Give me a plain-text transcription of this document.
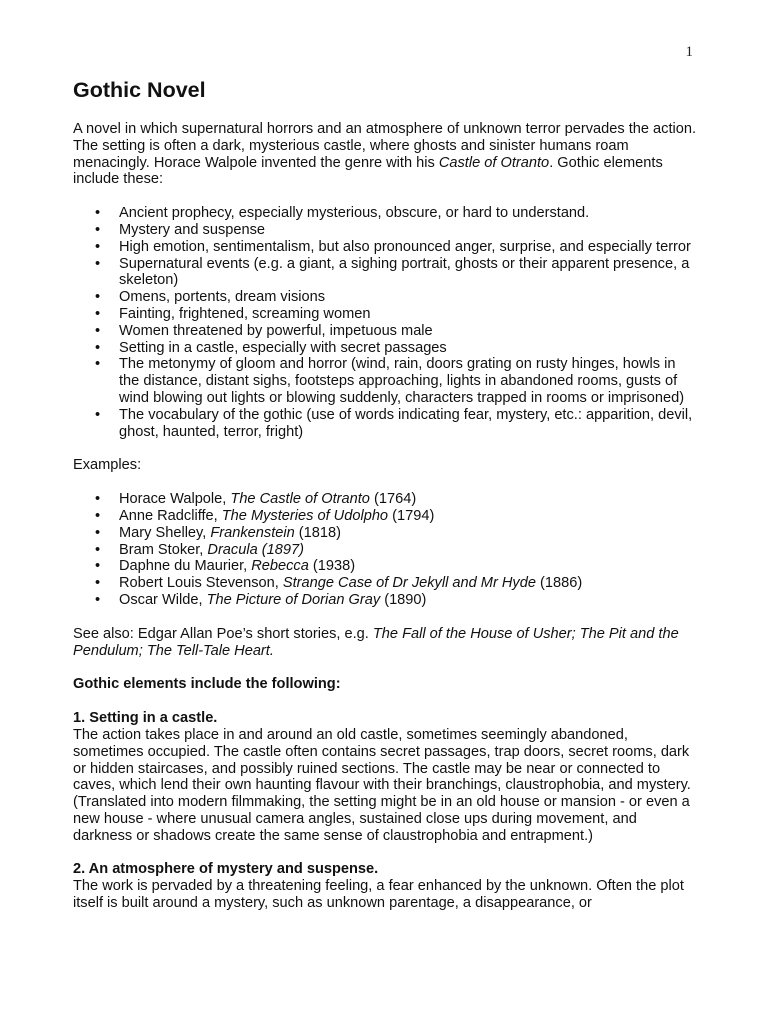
1
Gothic Novel

A novel in which supernatural horrors and an atmosphere of unknown terror pervades the action. The setting is often a dark, mysterious castle, where ghosts and sinister humans roam menacingly. Horace Walpole invented the genre with his Castle of Otranto. Gothic elements include these:

• Ancient prophecy, especially mysterious, obscure, or hard to understand.
• Mystery and suspense
• High emotion, sentimentalism, but also pronounced anger, surprise, and especially terror
• Supernatural events (e.g. a giant, a sighing portrait, ghosts or their apparent presence, a skeleton)
• Omens, portents, dream visions
• Fainting, frightened, screaming women
• Women threatened by powerful, impetuous male
• Setting in a castle, especially with secret passages
• The metonymy of gloom and horror (wind, rain, doors grating on rusty hinges, howls in the distance, distant sighs, footsteps approaching, lights in abandoned rooms, gusts of wind blowing out lights or blowing suddenly, characters trapped in rooms or imprisoned)
• The vocabulary of the gothic (use of words indicating fear, mystery, etc.: apparition, devil, ghost, haunted, terror, fright)

Examples:

• Horace Walpole, The Castle of Otranto (1764)
• Anne Radcliffe, The Mysteries of Udolpho (1794)
• Mary Shelley, Frankenstein (1818)
• Bram Stoker, Dracula (1897)
• Daphne du Maurier, Rebecca (1938)
• Robert Louis Stevenson, Strange Case of Dr Jekyll and Mr Hyde (1886)
• Oscar Wilde, The Picture of Dorian Gray (1890)

See also: Edgar Allan Poe’s short stories, e.g. The Fall of the House of Usher; The Pit and the Pendulum; The Tell-Tale Heart.

Gothic elements include the following:

1. Setting in a castle.

The action takes place in and around an old castle, sometimes seemingly abandoned, sometimes occupied. The castle often contains secret passages, trap doors, secret rooms, dark or hidden staircases, and possibly ruined sections. The castle may be near or connected to caves, which lend their own haunting flavour with their branchings, claustrophobia, and mystery. (Translated into modern filmmaking, the setting might be in an old house or mansion - or even a new house - where unusual camera angles, sustained close ups during movement, and darkness or shadows create the same sense of claustrophobia and entrapment.)

2. An atmosphere of mystery and suspense.

The work is pervaded by a threatening feeling, a fear enhanced by the unknown. Often the plot itself is built around a mystery, such as unknown parentage, a disappearance, or
